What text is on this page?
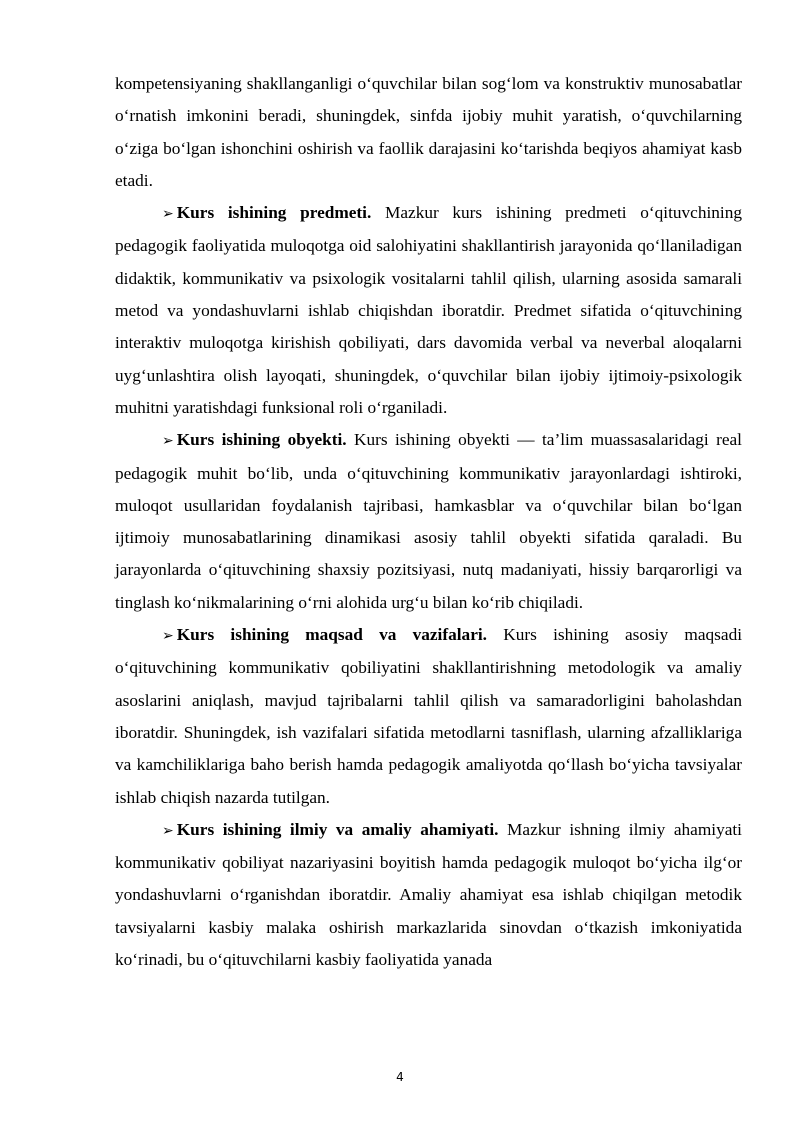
kompetensiyaning shakllanganligi o‘quvchilar bilan sog‘lom va konstruktiv munosabatlar o‘rnatish imkonini beradi, shuningdek, sinfda ijobiy muhit yaratish, o‘quvchilarning o‘ziga bo‘lgan ishonchini oshirish va faollik darajasini ko‘tarishda beqiyos ahamiyat kasb etadi.

➢ Kurs ishining predmeti. Mazkur kurs ishining predmeti o‘qituvchining pedagogik faoliyatida muloqotga oid salohiyatini shakllantirish jarayonida qo‘llaniladigan didaktik, kommunikativ va psixologik vositalarni tahlil qilish, ularning asosida samarali metod va yondashuvlarni ishlab chiqishdan iboratdir. Predmet sifatida o‘qituvchining interaktiv muloqotga kirishish qobiliyati, dars davomida verbal va neverbal aloqalarni uyg‘unlashtira olish layoqati, shuningdek, o‘quvchilar bilan ijobiy ijtimoiy-psixologik muhitni yaratishdagi funksional roli o‘rganiladi.

➢ Kurs ishining obyekti. Kurs ishining obyekti — ta’lim muassasalaridagi real pedagogik muhit bo‘lib, unda o‘qituvchining kommunikativ jarayonlardagi ishtiroki, muloqot usullaridan foydalanish tajribasi, hamkasblar va o‘quvchilar bilan bo‘lgan ijtimoiy munosabatlarining dinamikasi asosiy tahlil obyekti sifatida qaraladi. Bu jarayonlarda o‘qituvchining shaxsiy pozitsiyasi, nutq madaniyati, hissiy barqarorligi va tinglash ko‘nikmalarining o‘rni alohida urg‘u bilan ko‘rib chiqiladi.

➢ Kurs ishining maqsad va vazifalari. Kurs ishining asosiy maqsadi o‘qituvchining kommunikativ qobiliyatini shakllantirishning metodologik va amaliy asoslarini aniqlash, mavjud tajribalarni tahlil qilish va samaradorligini baholashdan iboratdir. Shuningdek, ish vazifalari sifatida metodlarni tasniflash, ularning afzalliklariga va kamchiliklariga baho berish hamda pedagogik amaliyotda qo‘llash bo‘yicha tavsiyalar ishlab chiqish nazarda tutilgan.

➢ Kurs ishining ilmiy va amaliy ahamiyati. Mazkur ishning ilmiy ahamiyati kommunikativ qobiliyat nazariyasini boyitish hamda pedagogik muloqot bo‘yicha ilg‘or yondashuvlarni o‘rganishdan iboratdir. Amaliy ahamiyat esa ishlab chiqilgan metodik tavsiyalarni kasbiy malaka oshirish markazlarida sinovdan o‘tkazish imkoniyatida ko‘rinadi, bu o‘qituvchilarni kasbiy faoliyatida yanada

4
